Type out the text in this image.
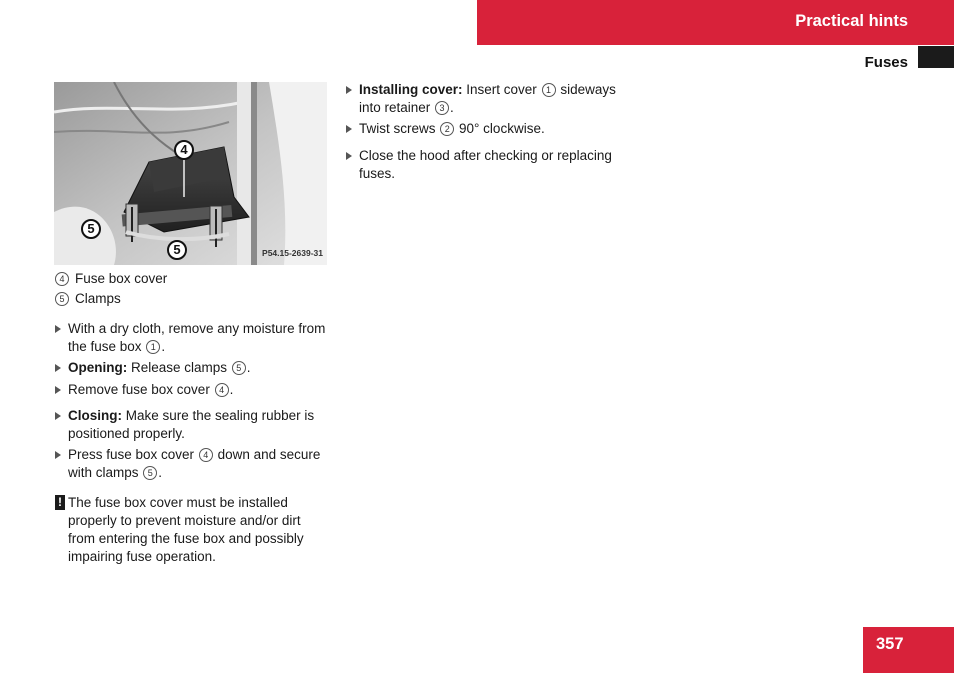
Practical hints
Fuses
4
5
5	P54.15-2639-31
4 Fuse box cover
5 Clamps

With a dry cloth, remove any moisture from the fuse box 1 .

Opening: Release clamps 5 .

Remove fuse box cover 4 .

Closing: Make sure the sealing rubber is positioned properly.

Press fuse box cover 4 down and secure with clamps 5 .

! The fuse box cover must be installed properly to prevent moisture and/or dirt from entering the fuse box and possibly impairing fuse operation.

Installing cover: Insert cover 1 sideways into retainer 3 .

Twist screws 2 90° clockwise.

Close the hood after checking or replacing fuses.

357
